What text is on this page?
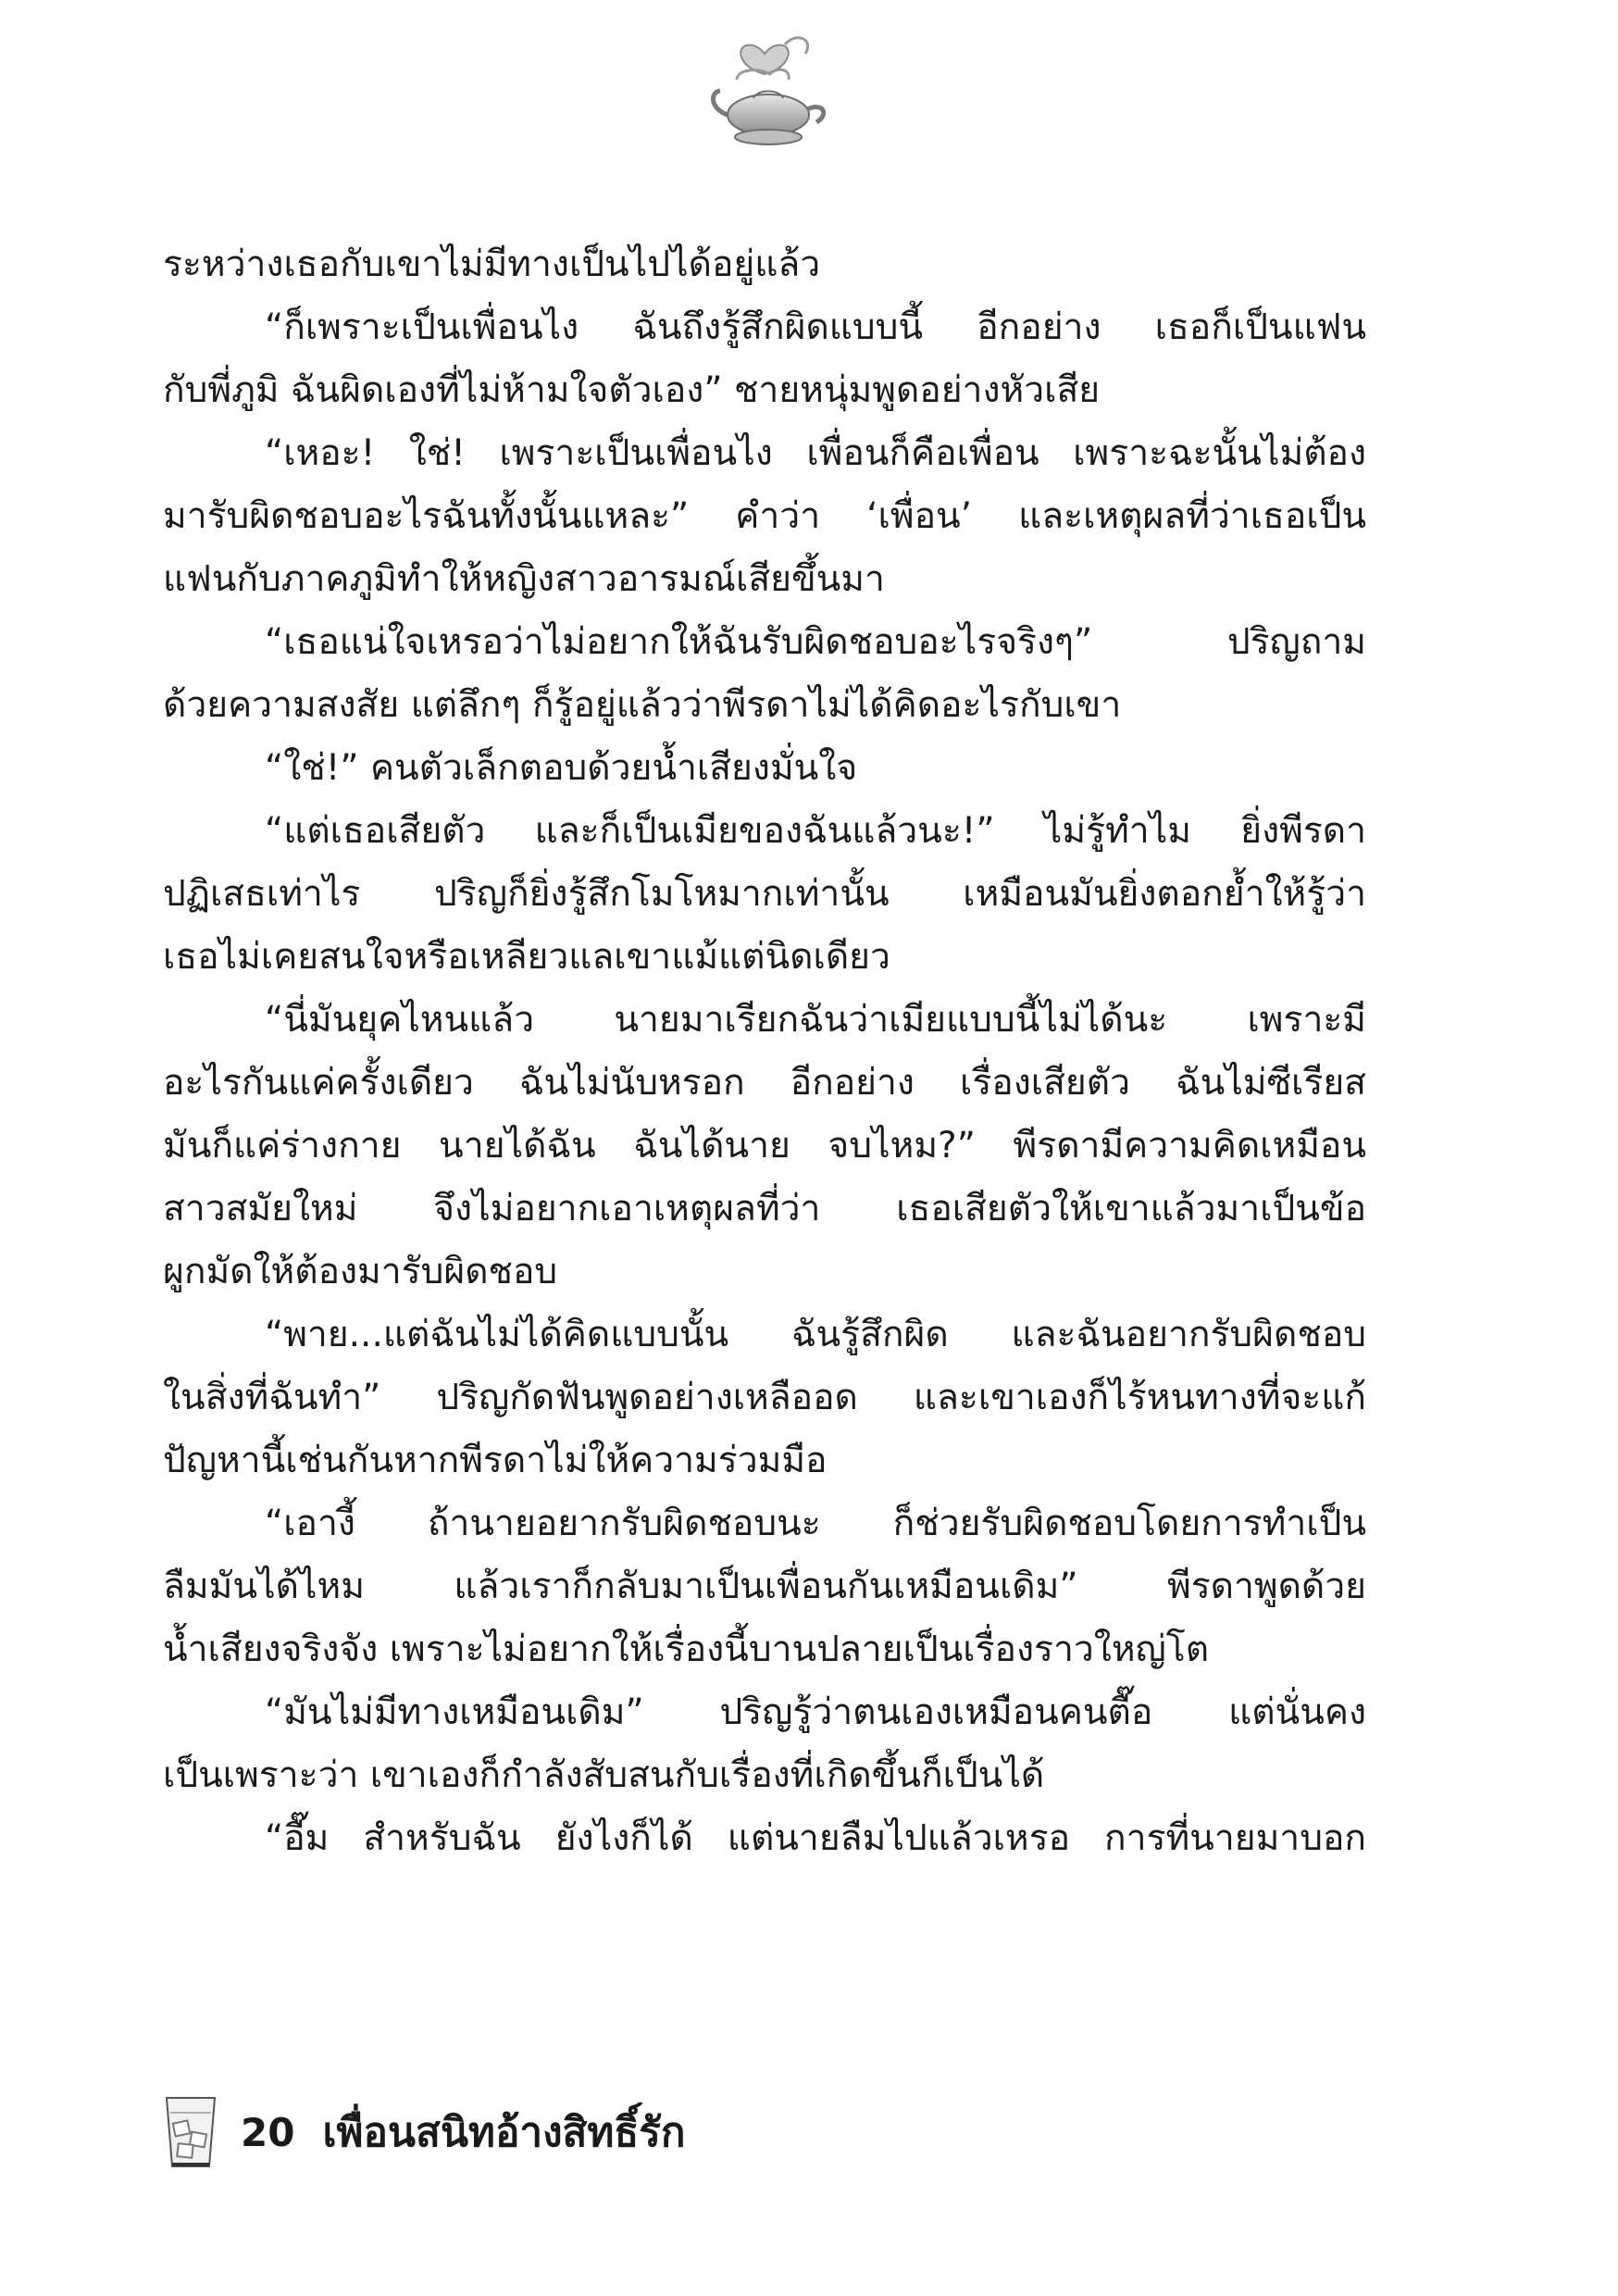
ระหว่างเธอกับเขาไม่มีทางเป็นไปได้อยู่แล้ว
“ก็เพราะเป็นเพื่อนไง ฉันถึงรู้สึกผิดแบบนี้ อีกอย่าง เธอก็เป็นแฟน
กับพี่ภูมิ ฉันผิดเองที่ไม่ห้ามใจตัวเอง” ชายหนุ่มพูดอย่างหัวเสีย
“เหอะ! ใช่! เพราะเป็นเพื่อนไง เพื่อนก็คือเพื่อน เพราะฉะนั้นไม่ต้อง
มารับผิดชอบอะไรฉันทั้งนั้นแหละ” คำว่า ‘เพื่อน’ และเหตุผลที่ว่าเธอเป็น
แฟนกับภาคภูมิทำให้หญิงสาวอารมณ์เสียขึ้นมา
“เธอแน่ใจเหรอว่าไม่อยากให้ฉันรับผิดชอบอะไรจริงๆ” ปริญถาม
ด้วยความสงสัย แต่ลึกๆ ก็รู้อยู่แล้วว่าพีรดาไม่ได้คิดอะไรกับเขา
“ใช่!” คนตัวเล็กตอบด้วยน้ำเสียงมั่นใจ
“แต่เธอเสียตัว และก็เป็นเมียของฉันแล้วนะ!” ไม่รู้ทำไม ยิ่งพีรดา
ปฏิเสธเท่าไร ปริญก็ยิ่งรู้สึกโมโหมากเท่านั้น เหมือนมันยิ่งตอกย้ำให้รู้ว่า
เธอไม่เคยสนใจหรือเหลียวแลเขาแม้แต่นิดเดียว
“นี่มันยุคไหนแล้ว นายมาเรียกฉันว่าเมียแบบนี้ไม่ได้นะ เพราะมี
อะไรกันแค่ครั้งเดียว ฉันไม่นับหรอก อีกอย่าง เรื่องเสียตัว ฉันไม่ซีเรียส
มันก็แค่ร่างกาย นายได้ฉัน ฉันได้นาย จบไหม?” พีรดามีความคิดเหมือน
สาวสมัยใหม่ จึงไม่อยากเอาเหตุผลที่ว่า เธอเสียตัวให้เขาแล้วมาเป็นข้อ
ผูกมัดให้ต้องมารับผิดชอบ
“พาย...แต่ฉันไม่ได้คิดแบบนั้น ฉันรู้สึกผิด และฉันอยากรับผิดชอบ
ในสิ่งที่ฉันทำ” ปริญกัดฟันพูดอย่างเหลืออด และเขาเองก็ไร้หนทางที่จะแก้
ปัญหานี้เช่นกันหากพีรดาไม่ให้ความร่วมมือ
“เอางี้ ถ้านายอยากรับผิดชอบนะ ก็ช่วยรับผิดชอบโดยการทำเป็น
ลืมมันได้ไหม แล้วเราก็กลับมาเป็นเพื่อนกันเหมือนเดิม” พีรดาพูดด้วย
น้ำเสียงจริงจัง เพราะไม่อยากให้เรื่องนี้บานปลายเป็นเรื่องราวใหญ่โต
“มันไม่มีทางเหมือนเดิม” ปริญรู้ว่าตนเองเหมือนคนตื๊อ แต่นั่นคง
เป็นเพราะว่า เขาเองก็กำลังสับสนกับเรื่องที่เกิดขึ้นก็เป็นได้
“อื๊ม สำหรับฉัน ยังไงก็ได้ แต่นายลืมไปแล้วเหรอ การที่นายมาบอก
20 เพื่อนสนิทอ้างสิทธิ์รัก
